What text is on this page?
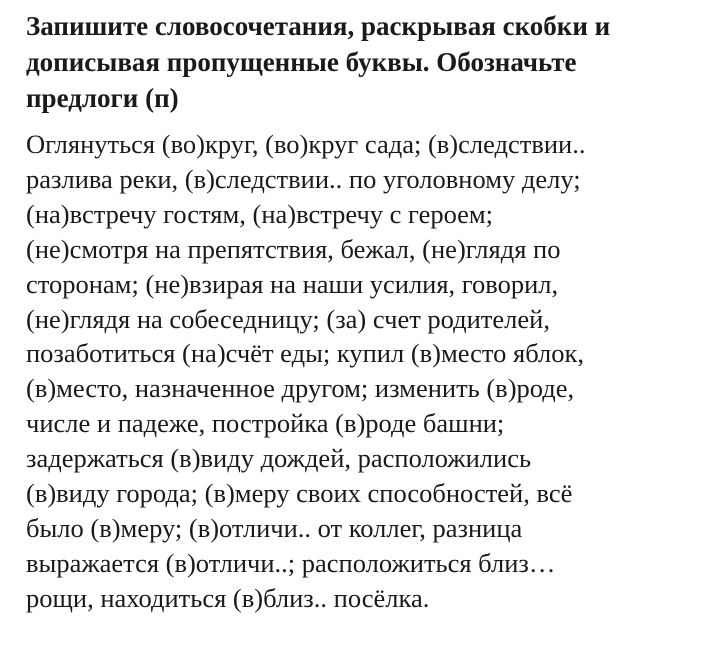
Запишите словосочетания, раскрывая скобки и
дописывая пропущенные буквы. Обозначьте
предлоги (п)
Оглянуться (во)круг, (во)круг сада; (в)следствии..
разлива реки, (в)следствии.. по уголовному делу;
(на)встречу гостям, (на)встречу с героем;
(не)смотря на препятствия, бежал, (не)глядя по
сторонам; (не)взирая на наши усилия, говорил,
(не)глядя на собеседницу; (за) счет родителей,
позаботиться (на)счёт еды; купил (в)место яблок,
(в)место, назначенное другом; изменить (в)роде,
числе и падеже, постройка (в)роде башни;
задержаться (в)виду дождей, расположились
(в)виду города; (в)меру своих способностей, всё
было (в)меру; (в)отличи.. от коллег, разница
выражается (в)отличи..; расположиться близ…
рощи, находиться (в)близ.. посёлка.
